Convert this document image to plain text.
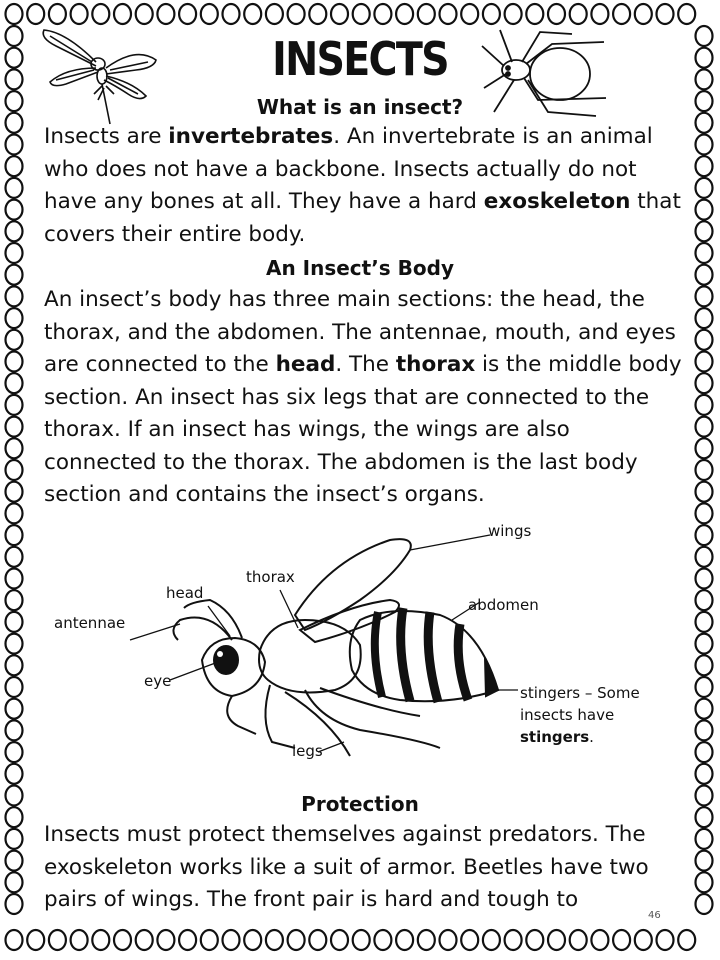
INSECTS
What is an insect?
Insects are invertebrates. An invertebrate is an animal
who does not have a backbone. Insects actually do not
have any bones at all. They have a hard exoskeleton that
covers their entire body.
An Insect’s Body
An insect’s body has three main sections: the head, the
thorax, and the abdomen. The antennae, mouth, and eyes
are connected to the head. The thorax is the middle body
section. An insect has six legs that are connected to the
thorax. If an insect has wings, the wings are also
connected to the thorax. The abdomen is the last body
section and contains the insect’s organs.
wings
thorax
head
abdomen
antennae
eye
legs
stingers – Some
insects have
stingers.
Protection
Insects must protect themselves against predators. The
exoskeleton works like a suit of armor. Beetles have two
pairs of wings. The front pair is hard and tough to
46
